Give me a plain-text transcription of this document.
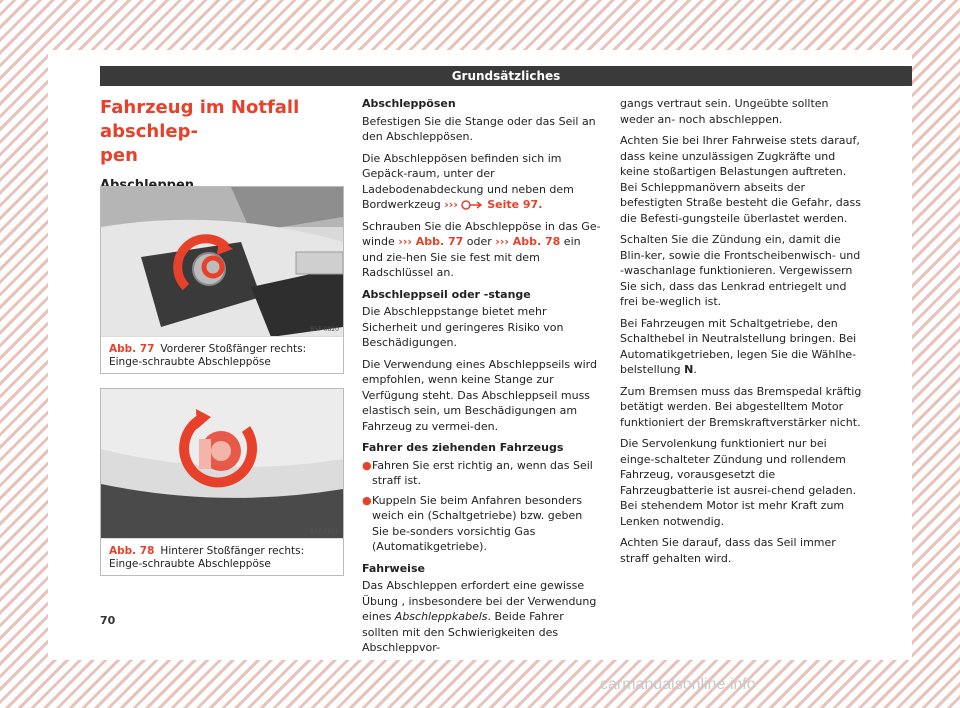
Grundsätzliches
Fahrzeug im Notfall abschlep-
pen
B5F-0820
Abb. 77 Vorderer Stoßfänger rechts: Einge-schraubte Abschleppöse
B5F-0821
Abb. 78 Hinterer Stoßfänger rechts: Einge-schraubte Abschleppöse

Abschleppösen

Befestigen Sie die Stange oder das Seil an den Abschleppösen.

Die Abschleppösen befinden sich im Gepäck-raum, unter der Ladebodenabdeckung und neben dem Bordwerkzeug ›››  Seite 97.

Schrauben Sie die Abschleppöse in das Ge-winde ››› Abb. 77 oder ››› Abb. 78 ein und zie-hen Sie sie fest mit dem Radschlüssel an.

Abschleppseil oder -stange

Die Abschleppstange bietet mehr Sicherheit und geringeres Risiko von Beschädigungen.

Die Verwendung eines Abschleppseils wird empfohlen, wenn keine Stange zur Verfügung steht. Das Abschleppseil muss elastisch sein, um Beschädigungen am Fahrzeug zu vermei-den.

Fahrer des ziehenden Fahrzeugs

● Fahren Sie erst richtig an, wenn das Seil straff ist.
● Kuppeln Sie beim Anfahren besonders weich ein (Schaltgetriebe) bzw. geben Sie be-sonders vorsichtig Gas (Automatikgetriebe).

Fahrweise

Das Abschleppen erfordert eine gewisse Übung , insbesondere bei der Verwendung eines Abschleppkabels. Beide Fahrer sollten mit den Schwierigkeiten des Abschleppvor-

gangs vertraut sein. Ungeübte sollten weder an- noch abschleppen.

Achten Sie bei Ihrer Fahrweise stets darauf, dass keine unzulässigen Zugkräfte und keine stoßartigen Belastungen auftreten. Bei Schleppmanövern abseits der befestigten Straße besteht die Gefahr, dass die Befesti-gungsteile überlastet werden.

Schalten Sie die Zündung ein, damit die Blin-ker, sowie die Frontscheibenwisch- und -waschanlage funktionieren. Vergewissern Sie sich, dass das Lenkrad entriegelt und frei be-weglich ist.

Bei Fahrzeugen mit Schaltgetriebe, den Schalthebel in Neutralstellung bringen. Bei Automatikgetrieben, legen Sie die Wählhe-belstellung N.

Zum Bremsen muss das Bremspedal kräftig betätigt werden. Bei abgestelltem Motor funktioniert der Bremskraftverstärker nicht.

Die Servolenkung funktioniert nur bei einge-schalteter Zündung und rollendem Fahrzeug, vorausgesetzt die Fahrzeugbatterie ist ausrei-chend geladen. Bei stehendem Motor ist mehr Kraft zum Lenken notwendig.

Achten Sie darauf, dass das Seil immer straff gehalten wird.

70
carmanualsonline.info
